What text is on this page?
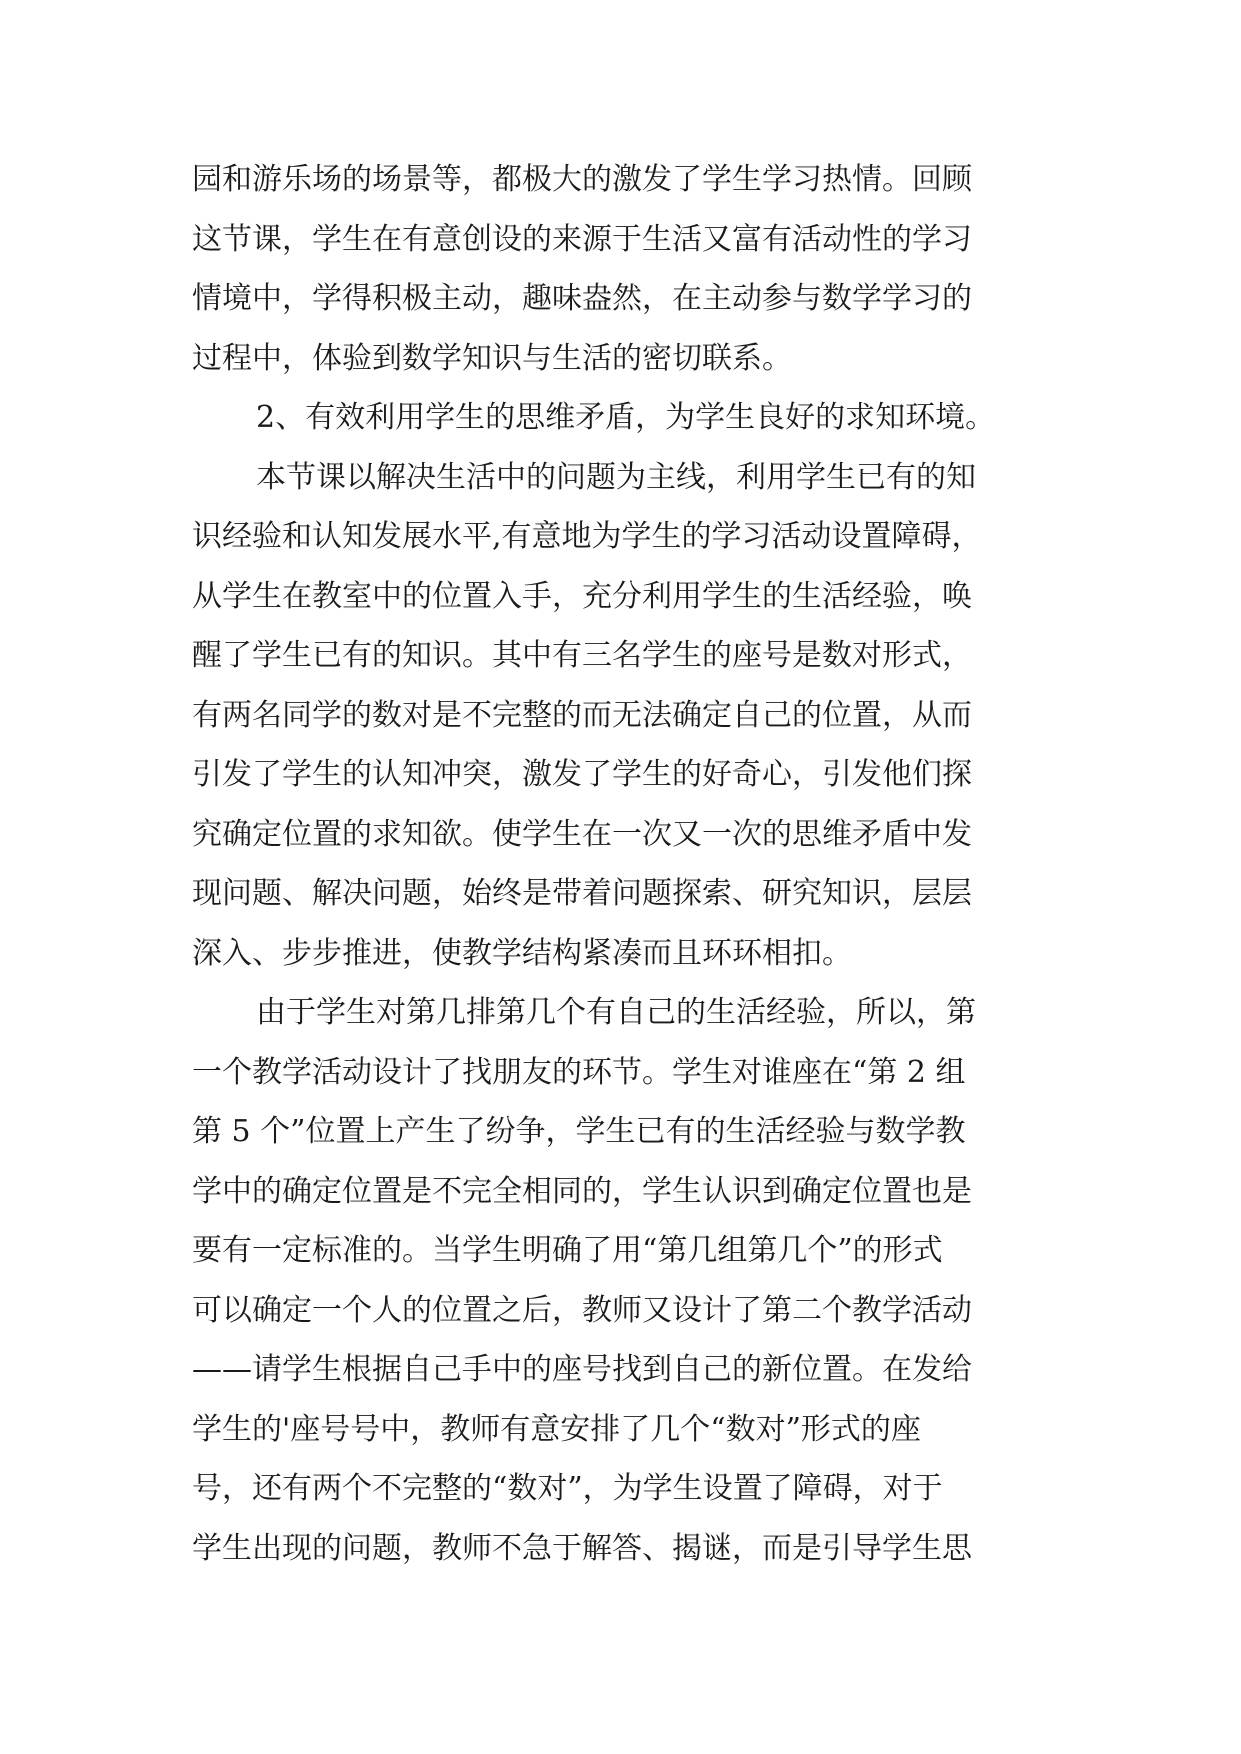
园和游乐场的场景等，都极大的激发了学生学习热情。回顾
这节课，学生在有意创设的来源于生活又富有活动性的学习
情境中，学得积极主动，趣味盎然，在主动参与数学学习的
过程中，体验到数学知识与生活的密切联系。
2、有效利用学生的思维矛盾，为学生良好的求知环境。
本节课以解决生活中的问题为主线，利用学生已有的知
识经验和认知发展水平,有意地为学生的学习活动设置障碍，
从学生在教室中的位置入手，充分利用学生的生活经验，唤
醒了学生已有的知识。其中有三名学生的座号是数对形式，
有两名同学的数对是不完整的而无法确定自己的位置，从而
引发了学生的认知冲突，激发了学生的好奇心，引发他们探
究确定位置的求知欲。使学生在一次又一次的思维矛盾中发
现问题、解决问题，始终是带着问题探索、研究知识，层层
深入、步步推进，使教学结构紧凑而且环环相扣。
由于学生对第几排第几个有自己的生活经验，所以，第
一个教学活动设计了找朋友的环节。学生对谁座在“第 2 组
第 5 个”位置上产生了纷争，学生已有的生活经验与数学教
学中的确定位置是不完全相同的，学生认识到确定位置也是
要有一定标准的。当学生明确了用“第几组第几个”的形式
可以确定一个人的位置之后，教师又设计了第二个教学活动
——请学生根据自己手中的座号找到自己的新位置。在发给
学生的'座号号中，教师有意安排了几个“数对”形式的座
号，还有两个不完整的“数对”，为学生设置了障碍，对于
学生出现的问题，教师不急于解答、揭谜，而是引导学生思
